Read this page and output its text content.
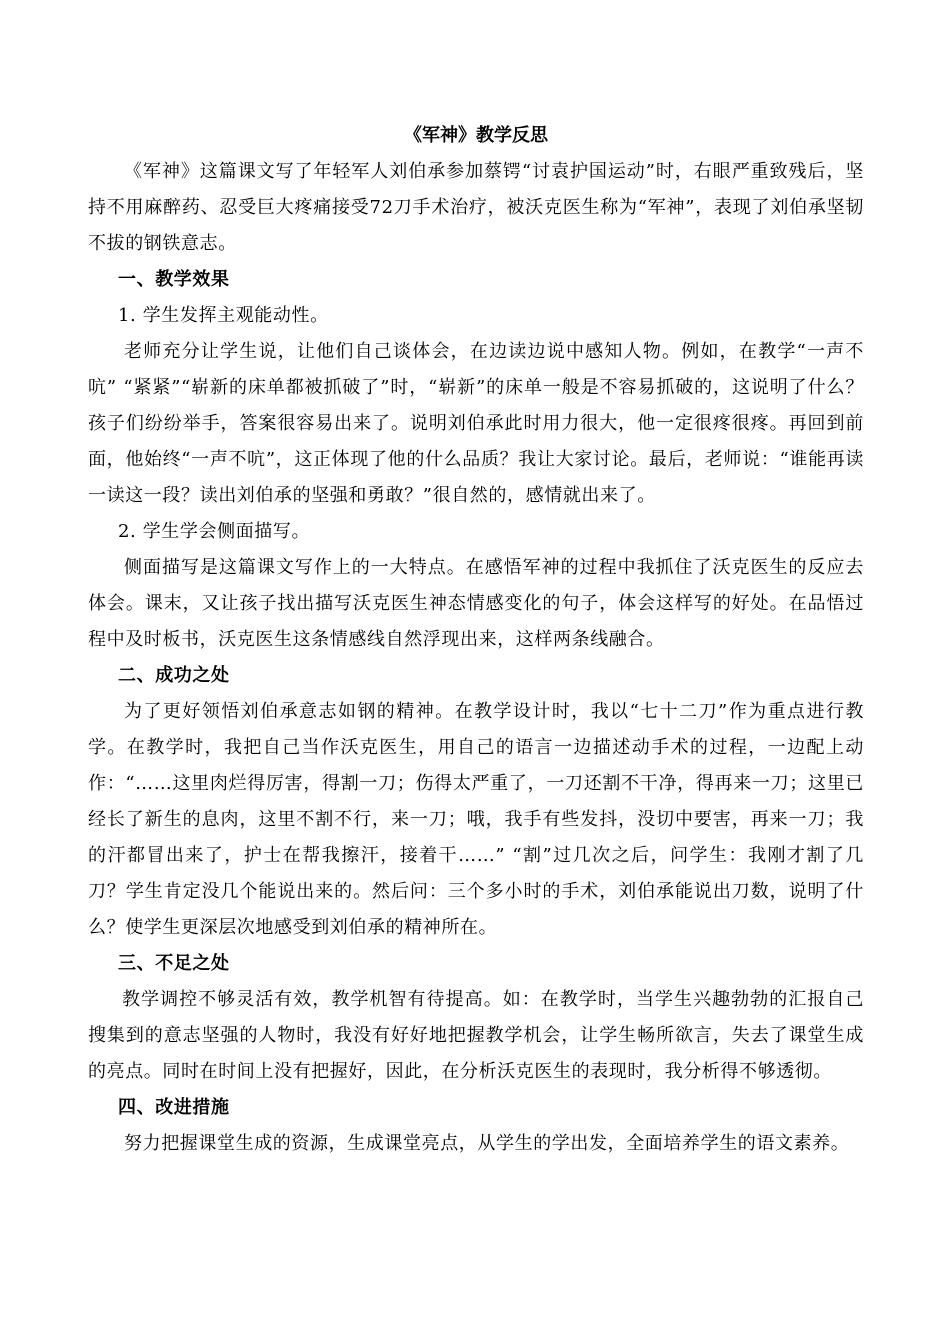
《军神》教学反思

《军神》这篇课文写了年轻军人刘伯承参加蔡锷“讨袁护国运动”时，右眼严重致残后，坚持不用麻醉药、忍受巨大疼痛接受72刀手术治疗，被沃克医生称为“军神”，表现了刘伯承坚韧不拔的钢铁意志。

一、教学效果

1. 学生发挥主观能动性。

老师充分让学生说，让他们自己谈体会，在边读边说中感知人物。例如，在教学“一声不吭” “紧紧”“崭新的床单都被抓破了”时，“崭新”的床单一般是不容易抓破的，这说明了什么？ 孩子们纷纷举手，答案很容易出来了。说明刘伯承此时用力很大，他一定很疼很疼。再回到前面，他始终“一声不吭”，这正体现了他的什么品质？我让大家讨论。最后，老师说：“谁能再读一读这一段？读出刘伯承的坚强和勇敢？”很自然的，感情就出来了。

2. 学生学会侧面描写。

侧面描写是这篇课文写作上的一大特点。在感悟军神的过程中我抓住了沃克医生的反应去体会。课末，又让孩子找出描写沃克医生神态情感变化的句子，体会这样写的好处。在品悟过程中及时板书，沃克医生这条情感线自然浮现出来，这样两条线融合。

二、成功之处

为了更好领悟刘伯承意志如钢的精神。在教学设计时，我以“七十二刀”作为重点进行教学。在教学时，我把自己当作沃克医生，用自己的语言一边描述动手术的过程，一边配上动作：“……这里肉烂得厉害，得割一刀；伤得太严重了，一刀还割不干净，得再来一刀；这里已经长了新生的息肉，这里不割不行，来一刀；哦，我手有些发抖，没切中要害，再来一刀；我的汗都冒出来了，护士在帮我擦汗，接着干……” “割”过几次之后，问学生：我刚才割了几刀？学生肯定没几个能说出来的。然后问：三个多小时的手术，刘伯承能说出刀数，说明了什么？使学生更深层次地感受到刘伯承的精神所在。

三、不足之处

教学调控不够灵活有效，教学机智有待提高。如：在教学时，当学生兴趣勃勃的汇报自己搜集到的意志坚强的人物时，我没有好好地把握教学机会，让学生畅所欲言，失去了课堂生成的亮点。同时在时间上没有把握好，因此，在分析沃克医生的表现时，我分析得不够透彻。

四、改进措施

努力把握课堂生成的资源，生成课堂亮点，从学生的学出发，全面培养学生的语文素养。
